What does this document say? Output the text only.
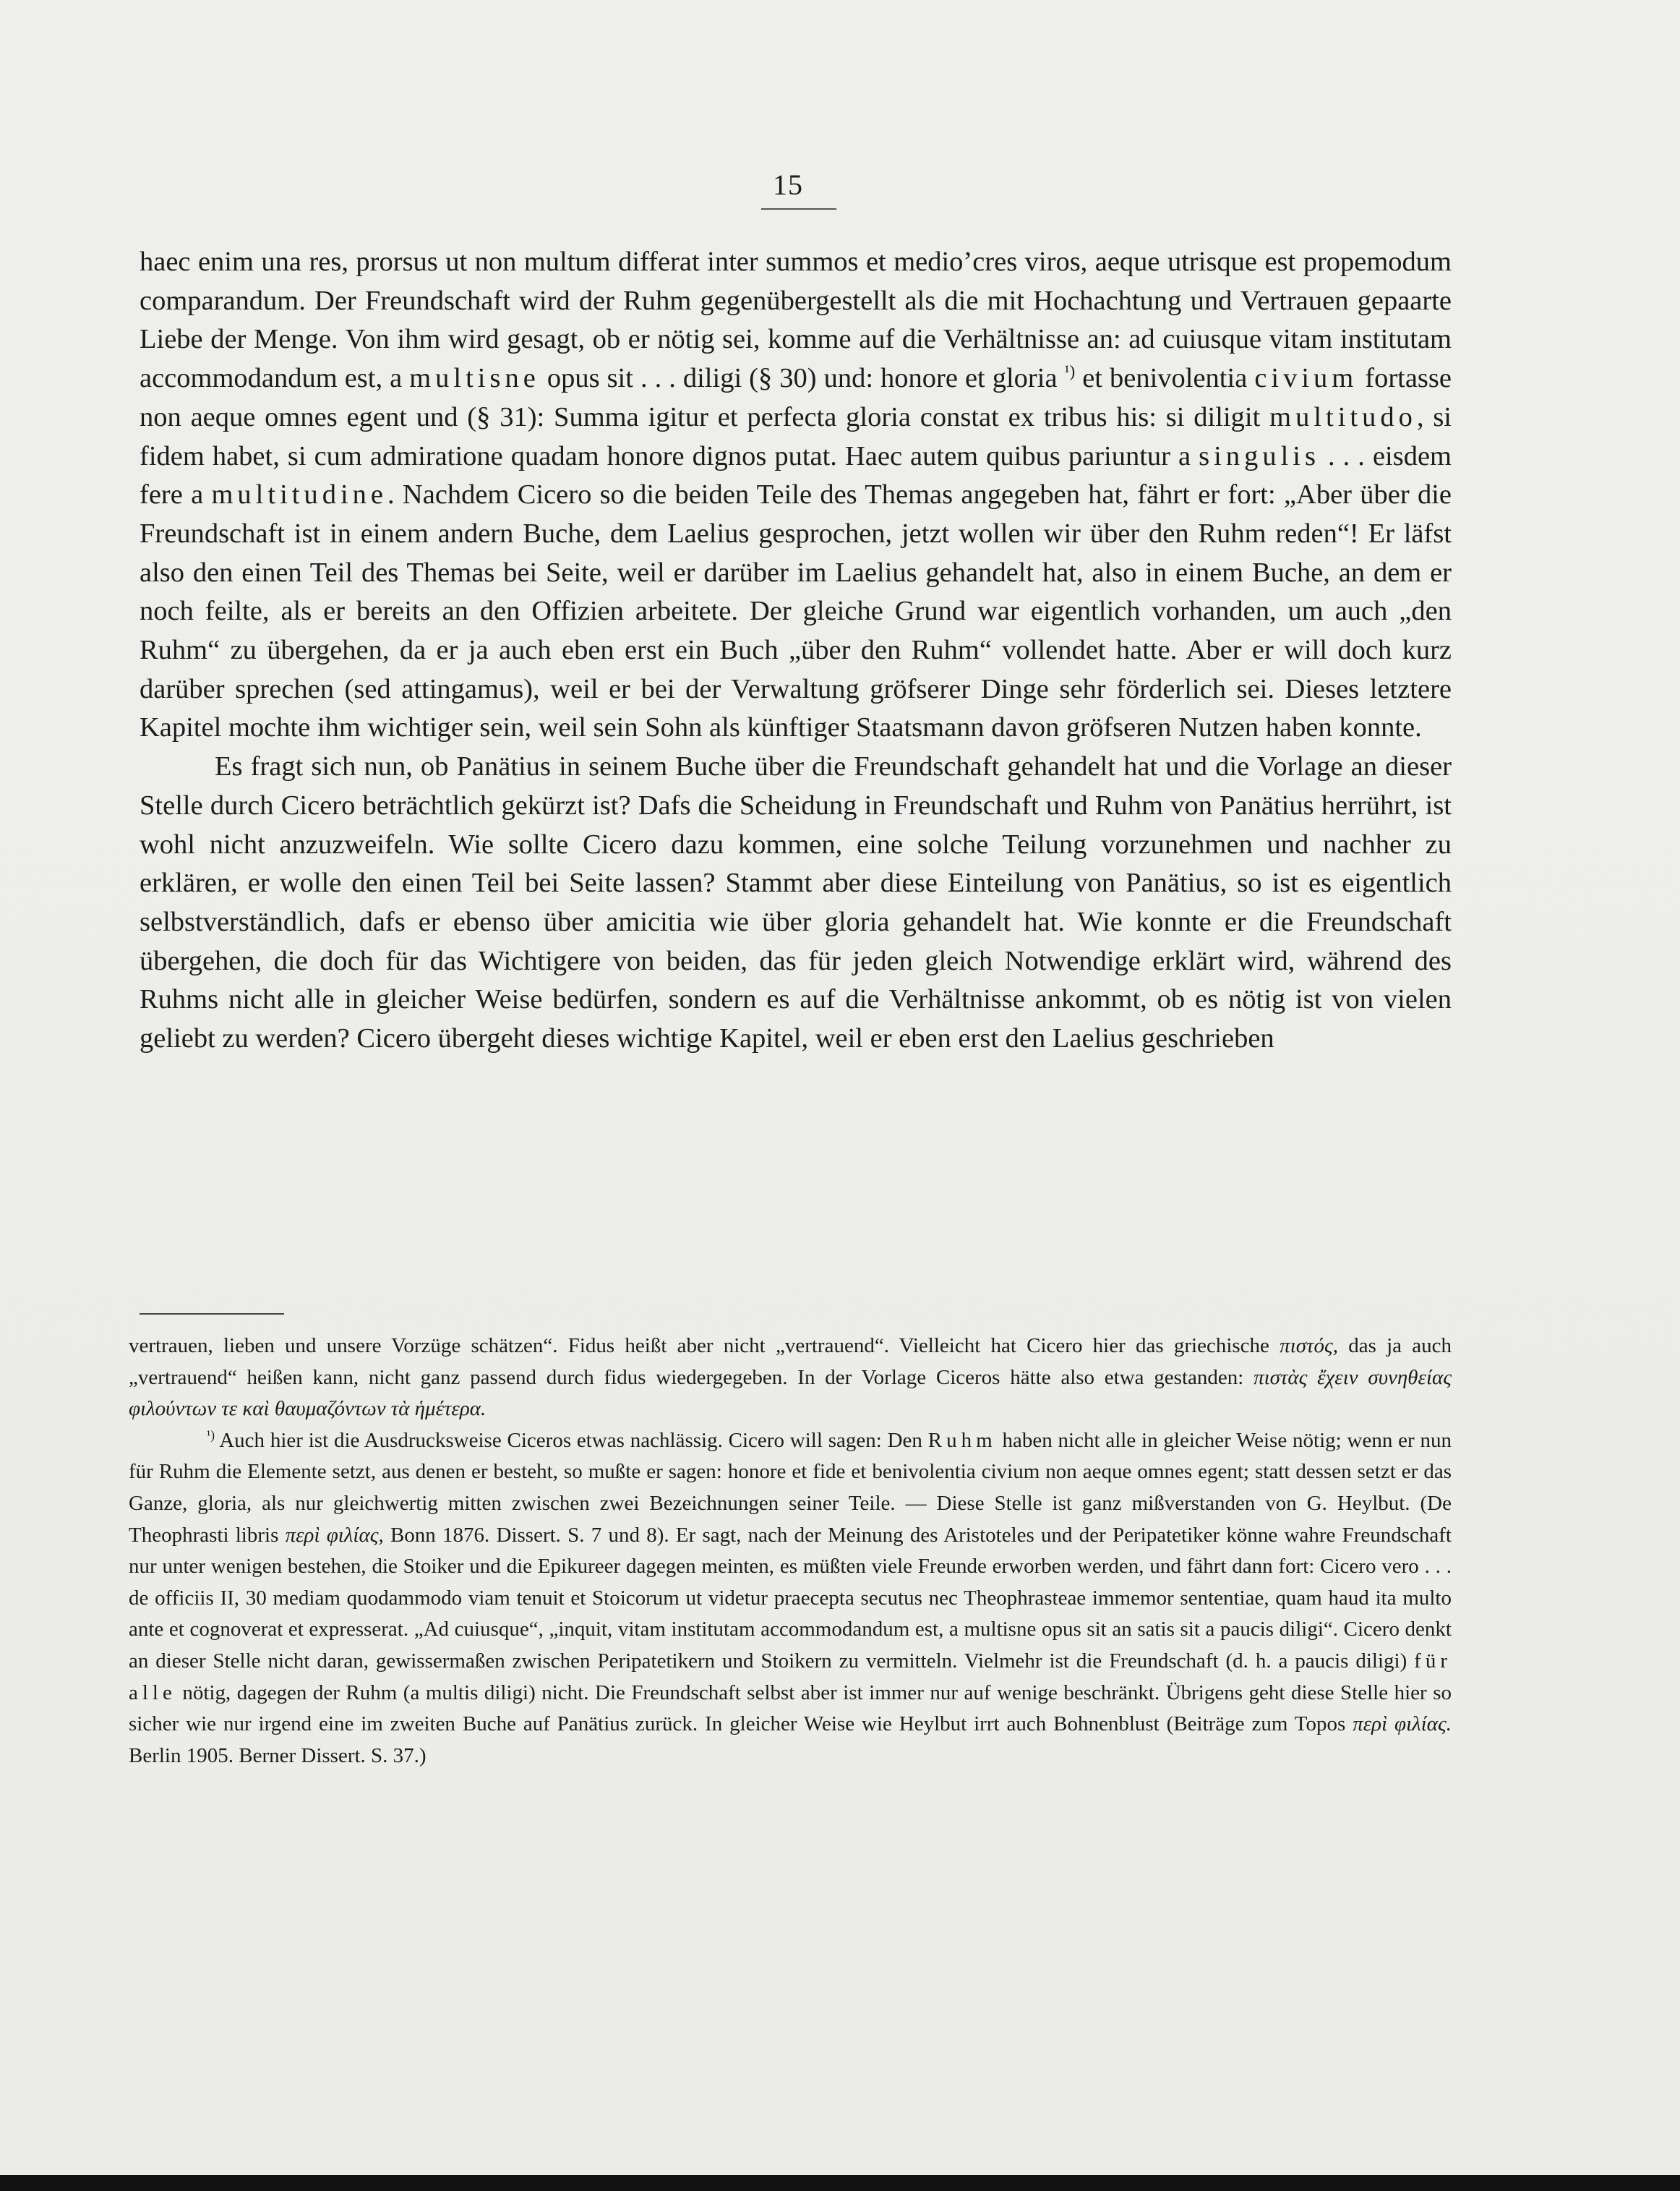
15

haec enim una res, prorsus ut non multum differat inter summos et medio’cres viros, aeque utrisque est propemodum comparandum. Der Freundschaft wird der Ruhm gegenübergestellt als die mit Hochachtung und Vertrauen gepaarte Liebe der Menge. Von ihm wird gesagt, ob er nötig sei, komme auf die Verhältnisse an: ad cuiusque vitam institutam accommodandum est, a multisne opus sit . . . diligi (§ 30) und: honore et gloria $^{^1)}$ et benivolentia civium fortasse non aeque omnes egent und (§ 31): Summa igitur et perfecta gloria constat ex tribus his: si diligit multitudo, si fidem habet, si cum admiratione quadam honore dignos putat. Haec autem quibus pariuntur a singulis . . . eisdem fere a multitudine. Nachdem Cicero so die beiden Teile des Themas angegeben hat, fährt er fort: „Aber über die Freundschaft ist in einem andern Buche, dem Laelius gesprochen, jetzt wollen wir über den Ruhm reden“! Er läfst also den einen Teil des Themas bei Seite, weil er darüber im Laelius gehandelt hat, also in einem Buche, an dem er noch feilte, als er bereits an den Offizien arbeitete. Der gleiche Grund war eigentlich vorhanden, um auch „den Ruhm“ zu übergehen, da er ja auch eben erst ein Buch „über den Ruhm“ vollendet hatte. Aber er will doch kurz darüber sprechen (sed attingamus), weil er bei der Verwaltung gröfserer Dinge sehr förderlich sei. Dieses letztere Kapitel mochte ihm wichtiger sein, weil sein Sohn als künftiger Staatsmann davon gröfseren Nutzen haben konnte.

Es fragt sich nun, ob Panätius in seinem Buche über die Freundschaft gehandelt hat und die Vorlage an dieser Stelle durch Cicero beträchtlich gekürzt ist? Dafs die Scheidung in Freundschaft und Ruhm von Panätius herrührt, ist wohl nicht anzuzweifeln. Wie sollte Cicero dazu kommen, eine solche Teilung vorzunehmen und nachher zu erklären, er wolle den einen Teil bei Seite lassen? Stammt aber diese Einteilung von Panätius, so ist es eigentlich selbstverständlich, dafs er ebenso über amicitia wie über gloria gehandelt hat. Wie konnte er die Freundschaft übergehen, die doch für das Wichtigere von beiden, das für jeden gleich Notwendige erklärt wird, während des Ruhms nicht alle in gleicher Weise bedürfen, sondern es auf die Verhältnisse ankommt, ob es nötig ist von vielen geliebt zu werden? Cicero übergeht dieses wichtige Kapitel, weil er eben erst den Laelius geschrieben

vertrauen, lieben und unsere Vorzüge schätzen“. Fidus heißt aber nicht „vertrauend“. Vielleicht hat Cicero hier das griechische πιστός, das ja auch „vertrauend“ heißen kann, nicht ganz passend durch fidus wiedergegeben. In der Vorlage Ciceros hätte also etwa gestanden: πιστὰς ἔχειν συνηθείας φιλούντων τε καὶ θαυμαζόντων τὰ ἡμέτερα.

$^{^1)}$ Auch hier ist die Ausdrucksweise Ciceros etwas nachlässig. Cicero will sagen: Den Ruhm haben nicht alle in gleicher Weise nötig; wenn er nun für Ruhm die Elemente setzt, aus denen er besteht, so mußte er sagen: honore et fide et benivolentia civium non aeque omnes egent; statt dessen setzt er das Ganze, gloria, als nur gleichwertig mitten zwischen zwei Bezeichnungen seiner Teile. — Diese Stelle ist ganz mißverstanden von G. Heylbut. (De Theophrasti libris περὶ φιλίας, Bonn 1876. Dissert. S. 7 und 8). Er sagt, nach der Meinung des Aristoteles und der Peripatetiker könne wahre Freundschaft nur unter wenigen bestehen, die Stoiker und die Epikureer dagegen meinten, es müßten viele Freunde erworben werden, und fährt dann fort: Cicero vero . . . de officiis II, 30 mediam quodammodo viam tenuit et Stoicorum ut videtur praecepta secutus nec Theophrasteae immemor sententiae, quam haud ita multo ante et cognoverat et expresserat. „Ad cuiusque“, „inquit, vitam institutam accommodandum est, a multisne opus sit an satis sit a paucis diligi“. Cicero denkt an dieser Stelle nicht daran, gewissermaßen zwischen Peripatetikern und Stoikern zu vermitteln. Vielmehr ist die Freundschaft (d. h. a paucis diligi) für alle nötig, dagegen der Ruhm (a multis diligi) nicht. Die Freundschaft selbst aber ist immer nur auf wenige beschränkt. Übrigens geht diese Stelle hier so sicher wie nur irgend eine im zweiten Buche auf Panätius zurück. In gleicher Weise wie Heylbut irrt auch Bohnenblust (Beiträge zum Topos περὶ φιλίας. Berlin 1905. Berner Dissert. S. 37.)
